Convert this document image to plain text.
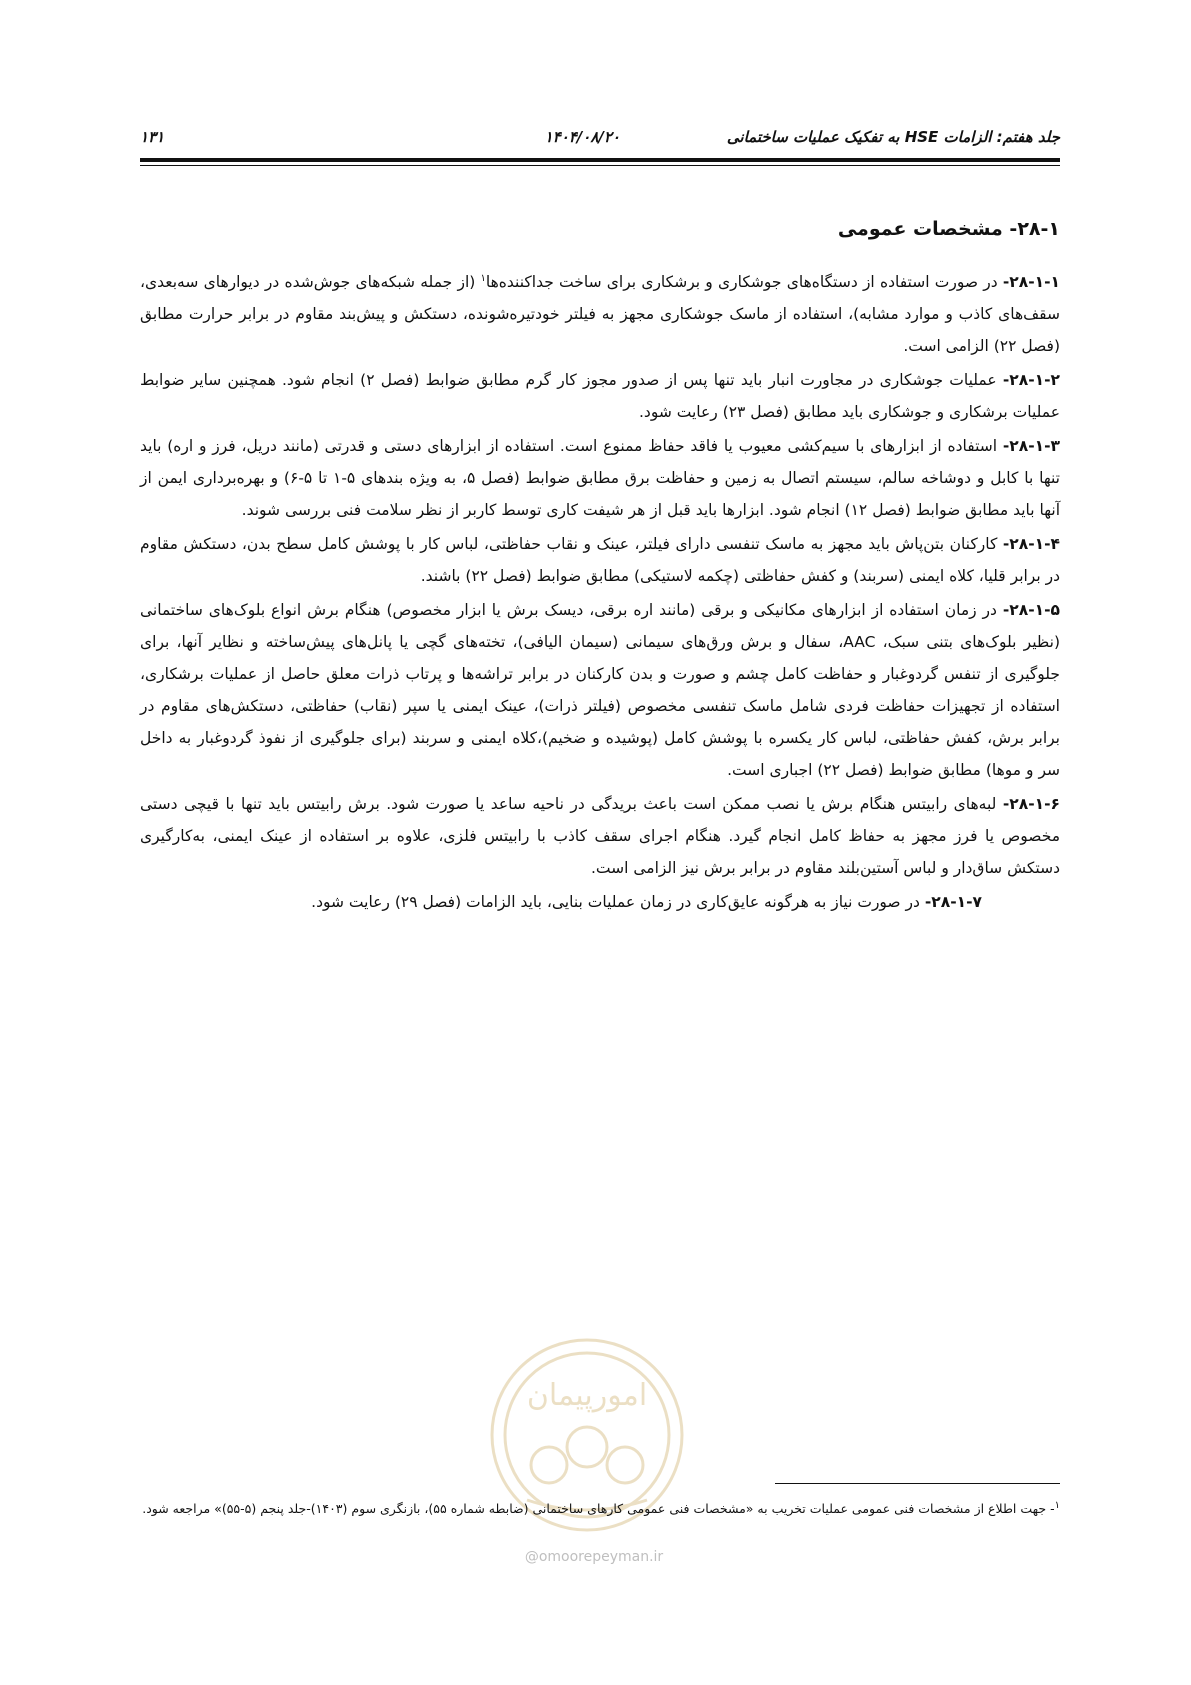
جلد هفتم: الزامات HSE به تفکیک عملیات ساختمانی
۱۴۰۴/۰۸/۲۰
۱۳۱
۲۸-۱- مشخصات عمومی

۲۸-۱-۱- در صورت استفاده از دستگاه‌های جوشکاری و برشکاری برای ساخت جداکننده‌ها$^۱$ (از جمله شبکه‌های جوش‌شده در دیوارهای سه‌بعدی، سقف‌های کاذب و موارد مشابه)، استفاده از ماسک جوشکاری مجهز به فیلتر خودتیره‌شونده، دستکش و پیش‌بند مقاوم در برابر حرارت مطابق (فصل ۲۲) الزامی است.

۲۸-۱-۲- عملیات جوشکاری در مجاورت انبار باید تنها پس از صدور مجوز کار گرم مطابق ضوابط (فصل ۲) انجام شود. همچنین سایر ضوابط عملیات برشکاری و جوشکاری باید مطابق (فصل ۲۳) رعایت شود.

۲۸-۱-۳- استفاده از ابزارهای با سیم‌کشی معیوب یا فاقد حفاظ ممنوع است. استفاده از ابزارهای دستی و قدرتی (مانند دریل، فرز و اره) باید تنها با کابل و دوشاخه سالم، سیستم اتصال به زمین و حفاظت برق مطابق ضوابط (فصل ۵، به ویژه بندهای ۵-۱ تا ۵-۶) و بهره‌برداری ایمن از آنها باید مطابق ضوابط (فصل ۱۲) انجام شود. ابزارها باید قبل از هر شیفت کاری توسط کاربر از نظر سلامت فنی بررسی شوند.

۲۸-۱-۴- کارکنان بتن‌پاش باید مجهز به ماسک تنفسی دارای فیلتر، عینک و نقاب حفاظتی، لباس کار با پوشش کامل سطح بدن، دستکش مقاوم در برابر قلیا، کلاه ایمنی (سربند) و کفش حفاظتی (چکمه لاستیکی) مطابق ضوابط (فصل ۲۲) باشند.

۲۸-۱-۵- در زمان استفاده از ابزارهای مکانیکی و برقی (مانند اره برقی، دیسک برش یا ابزار مخصوص) هنگام برش انواع بلوک‌های ساختمانی (نظیر بلوک‌های بتنی سبک، AAC، سفال و برش ورق‌های سیمانی (سیمان الیافی)، تخته‌های گچی یا پانل‌های پیش‌ساخته و نظایر آنها، برای جلوگیری از تنفس گردوغبار و حفاظت کامل چشم و صورت و بدن کارکنان در برابر تراشه‌ها و پرتاب ذرات معلق حاصل از عملیات برشکاری، استفاده از تجهیزات حفاظت فردی شامل ماسک تنفسی مخصوص (فیلتر ذرات)، عینک ایمنی یا سپر (نقاب) حفاظتی، دستکش‌های مقاوم در برابر برش، کفش حفاظتی، لباس کار یکسره با پوشش کامل (پوشیده و ضخیم)،کلاه ایمنی و سربند (برای جلوگیری از نفوذ گردوغبار به داخل سر و موها) مطابق ضوابط (فصل ۲۲) اجباری است.

۲۸-۱-۶- لبه‌های رابیتس هنگام برش یا نصب ممکن است باعث بریدگی در ناحیه ساعد یا صورت شود. برش رابیتس باید تنها با قیچی دستی مخصوص یا فرز مجهز به حفاظ کامل انجام گیرد. هنگام اجرای سقف کاذب با رابیتس فلزی، علاوه بر استفاده از عینک ایمنی، به‌کارگیری دستکش ساق‌دار و لباس آستین‌بلند مقاوم در برابر برش نیز الزامی است.

۲۸-۱-۷- در صورت نیاز به هرگونه عایق‌کاری در زمان عملیات بنایی، باید الزامات (فصل ۲۹) رعایت شود.

امورپیمان
@omoorepeyman.ir
$^۱$- جهت اطلاع از مشخصات فنی عمومی عملیات تخریب به «مشخصات فنی عمومی کارهای ساختمانی (ضابطه شماره ۵۵)، بازنگری سوم (۱۴۰۳)-جلد پنجم (۵-۵۵)» مراجعه شود.
